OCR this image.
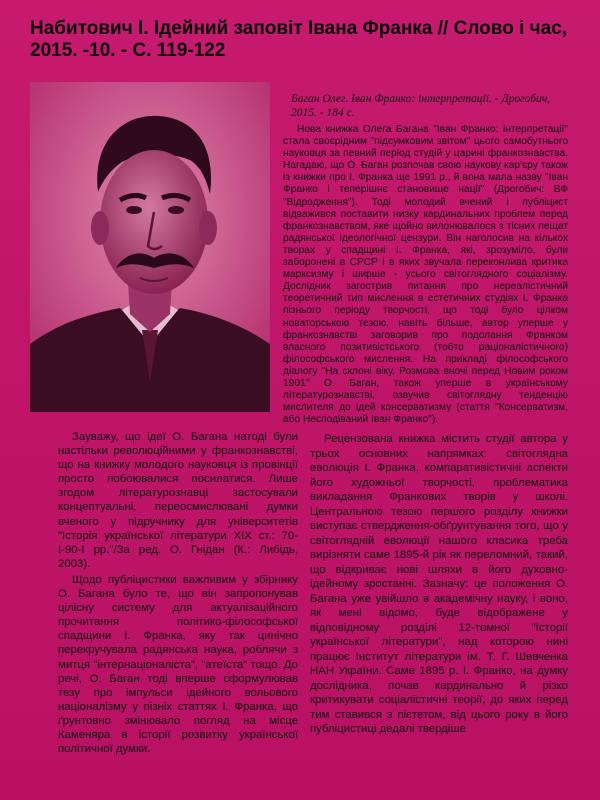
Набитович І. Ідейний заповіт Івана Франка // Слово і час, 2015. -10. - С. 119-122

Баган Олег. Іван Франко: інтерпретації. - Дрогобич, 2015. - 184 с.

Нова книжка Олега Багана "Іван Франко: інтерпретації" стала своєрідним "підсумковим звітом" цього самобутнього науковця за певний період студій у царині франкознавства. Нагадаю, що О. Баган розпочав свою наукову кар'єру також із книжки про І. Франка ще 1991 р., й вона мала назву "Іван Франко і теперішнє становище нації" (Дрогобич: ВФ "Відродження"). Тоді молодий вчений і публіцист відважився поставити низку кардинальних проблем перед франкознавством, яке щойно вилонювалося з тісних пещат радянської ідеологічної цензури. Він наголосив на кількох творах у спадщині І. Франка, які, зрозуміло, були заборонені в СРСР і в яких звучала переконлива критика марксизму і ширше - усього світоглядного соціалізму. Дослідник загострив питання про нереалістичний теоретичний тип мислення в естетичних студіях І. Франка пізнього періоду творчості, що тоді було цілком новаторською тезою, навіть більше, автор уперше у франкознавстві заговорив про подолання Франком власного позитивістського (тобто раціоналістичного) філософського мислення. На прикладі філософського діалогу "На склоні віку. Розмова вночі перед Новим роком 1901" О. Баган, також уперше в українському літературознавстві, озвучив світоглядну тенденцію мислителя до ідей консерватизму (стаття "Консерватизм, або Несподіваний Іван Франко").

Зауважу, що ідеї О. Багана натоді були настільки революційними у франкознавстві, що на книжку молодого науковця із провінції просто побоювалися посилатися. Лише згодом літературознавці застосували концептуальні, переосмислювані думки вченого у підручнику для університетів "Історія української літератури XIX ст.: 70-І-90-І рр."/За ред. О. Гнідан (К.: Либідь, 2003).

Щодо публіцистики важливим у збірнику О. Багана було те, що він запропонував цілісну систему для актуалізаційного прочитання політико-філософської спадщини І. Франка, яку так цинічно перекручувала радянська наука, роблячи з митця "інтернаціоналіста", "атеїста" тощо. До речі, О. Баган тоді вперше сформулював тезу про імпульси ідейного вольового націоналізму у пізніх статтях І. Франка, що ґрунтовно змінювало погляд на місце Каменяра в історії розвитку української політичної думки.

Рецензована книжка містить студії автора у трьох основних напрямках: світоглядна еволюція І. Франка, компаративістичні аспекти його художньої творчості, проблематика викладання Франкових творів у школі. Центральною тезою першого розділу книжки виступає ствердження-обґрунтування того, що у світоглядній еволюції нашого класика треба вирізняти саме 1895-й рік як переломний, такий, що відкриває нові шляхи в його духовно-ідейному зростанні. Зазначу: це положення О. Багана уже увійшло в академічну науку, і воно, як мені відомо, буде відображене у відповідному розділі 12-томної "Історії української літератури", над которою нині працює Інститут літератури ім. Т. Г. Шевченка НАН України. Саме 1895 р. І. Франко, на думку дослідника, почав кардинально й різко критикувати соціалістичні теорії, до яких перед тим ставився з пієтетом, від цього року в його публіцистиці дедалі твердіше
